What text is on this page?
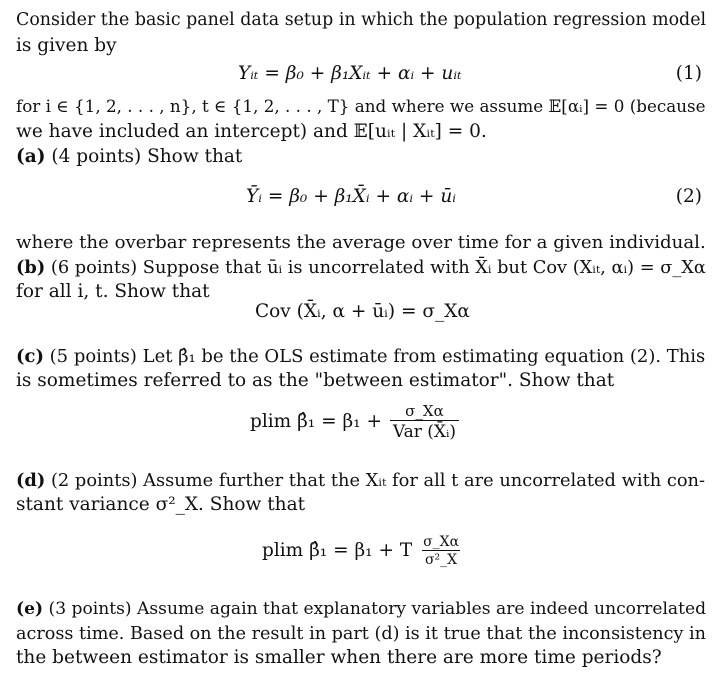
Consider the basic panel data setup in which the population regression model
is given by
Yᵢₜ = β₀ + β₁Xᵢₜ + αᵢ + uᵢₜ	(1)
for i ∈ {1, 2, . . . , n}, t ∈ {1, 2, . . . , T} and where we assume 𝔼[αᵢ] = 0 (because
we have included an intercept) and 𝔼[uᵢₜ | Xᵢₜ] = 0.
(a) (4 points) Show that
Ȳᵢ = β₀ + β₁X̄ᵢ + αᵢ + ūᵢ	(2)
where the overbar represents the average over time for a given individual.
(b) (6 points) Suppose that ūᵢ is uncorrelated with X̄ᵢ but Cov (Xᵢₜ, αᵢ) = σ_Xα
for all i, t. Show that
Cov (X̄ᵢ, α + ūᵢ) = σ_Xα
(c) (5 points) Let β̂₁ be the OLS estimate from estimating equation (2). This
is sometimes referred to as the "between estimator". Show that
plim β̂₁ = $\beta_1 + \frac{\sigma\_X\alpha}{\text{Var (X̄ᵢ)}}$
(d) (2 points) Assume further that the Xᵢₜ for all t are uncorrelated with con-
stant variance σ²_X. Show that
plim β̂₁ = β₁ + T $\frac{\sigma\_X\alpha}{\text{σ²\_X}}$
(e) (3 points) Assume again that explanatory variables are indeed uncorrelated
across time. Based on the result in part (d) is it true that the inconsistency in
the between estimator is smaller when there are more time periods?
